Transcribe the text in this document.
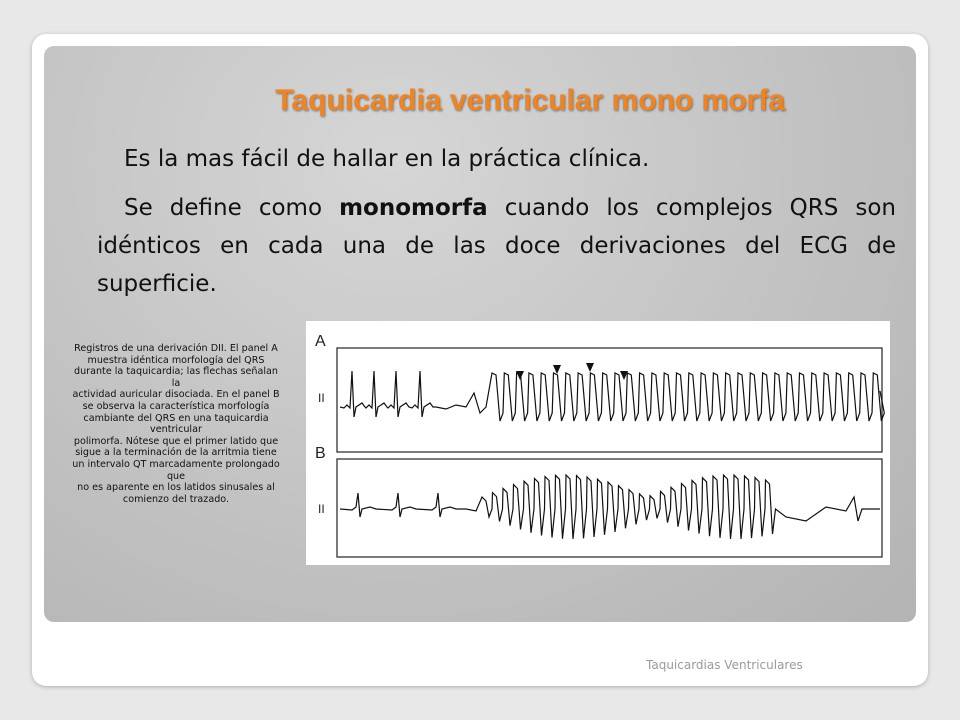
Taquicardia ventricular mono morfa

Es la mas fácil de hallar en la práctica clínica.

Se define como monomorfa cuando los complejos QRS son idénticos en cada una de las doce derivaciones del ECG de superficie.

Registros de una derivación DII. El panel A
muestra idéntica morfología del QRS
durante la taquicardia; las flechas señalan
la
actividad auricular disociada. En el panel B
se observa la característica morfología
cambiante del QRS en una taquicardia
ventricular
polimorfa. Nótese que el primer latido que
sigue a la terminación de la arritmia tiene
un intervalo QT marcadamente prolongado
que
no es aparente en los latidos sinusales al
comienzo del trazado.
A
II
B
II

Taquicardias Ventriculares
